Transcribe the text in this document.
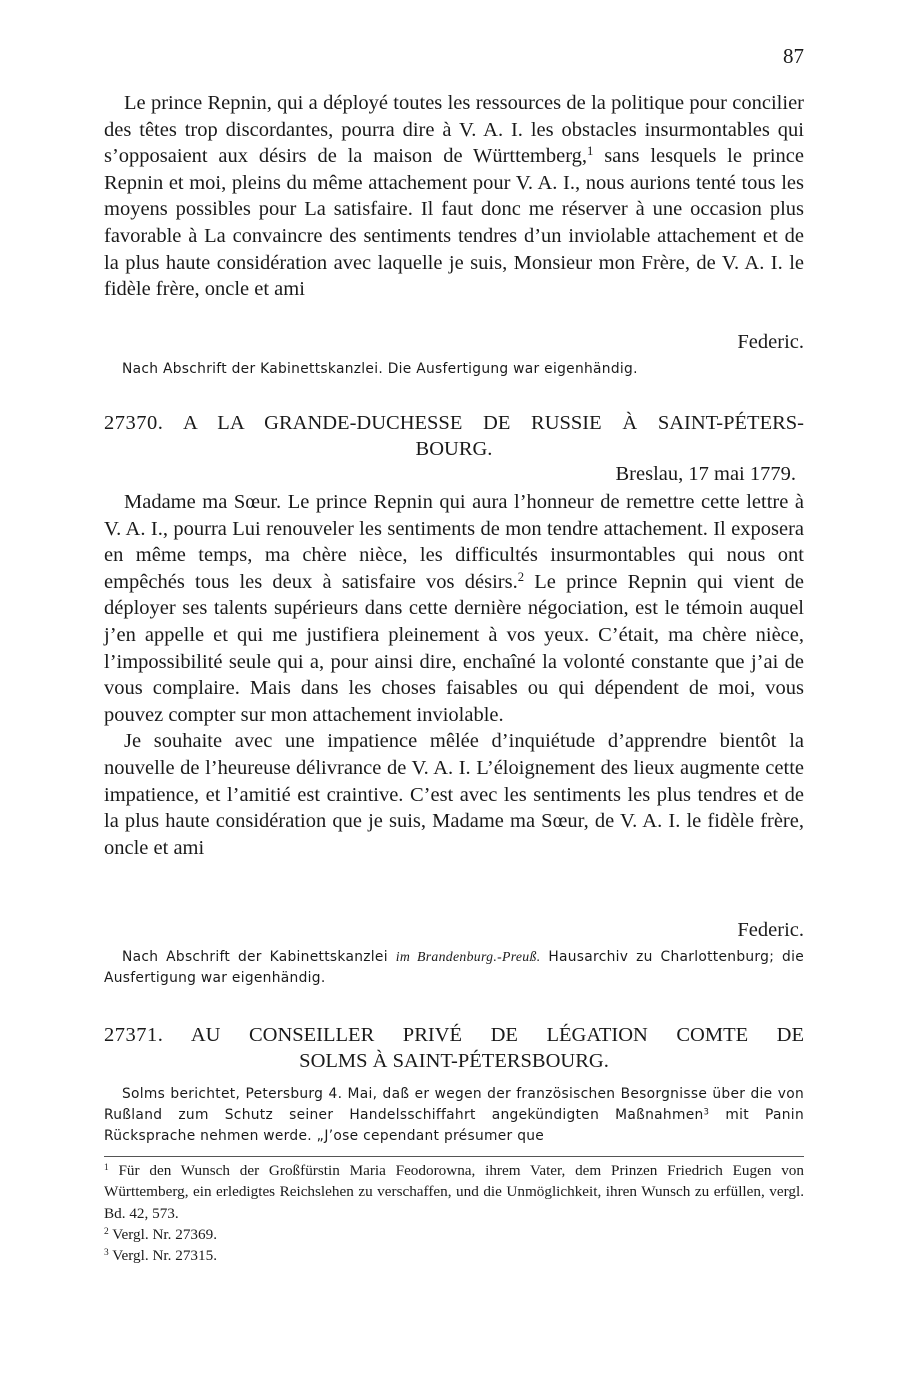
87

Le prince Repnin, qui a déployé toutes les ressources de la politique pour concilier des têtes trop discordantes, pourra dire à V. A. I. les obstacles insurmontables qui s’opposaient aux désirs de la maison de Württemberg,$^1$ sans lesquels le prince Repnin et moi, pleins du même attachement pour V. A. I., nous aurions tenté tous les moyens possibles pour La satisfaire. Il faut donc me réserver à une occasion plus favorable à La convaincre des sentiments tendres d’un inviolable attachement et de la plus haute considération avec laquelle je suis, Monsieur mon Frère, de V. A. I. le fidèle frère, oncle et ami

Federic.
Nach Abschrift der Kabinettskanzlei. Die Ausfertigung war eigenhändig.
27370. A LA GRANDE-DUCHESSE DE RUSSIE À SAINT-PÉTERS-
BOURG.
Breslau, 17 mai 1779.

Madame ma Sœur. Le prince Repnin qui aura l’honneur de remettre cette lettre à V. A. I., pourra Lui renouveler les sentiments de mon tendre attachement. Il exposera en même temps, ma chère nièce, les difficultés insurmontables qui nous ont empêchés tous les deux à satisfaire vos désirs.$^2$ Le prince Repnin qui vient de déployer ses talents supérieurs dans cette dernière négociation, est le témoin auquel j’en appelle et qui me justifiera pleinement à vos yeux. C’était, ma chère nièce, l’impossibilité seule qui a, pour ainsi dire, enchaîné la volonté constante que j’ai de vous complaire. Mais dans les choses faisables ou qui dépendent de moi, vous pouvez compter sur mon attachement inviolable.

Je souhaite avec une impatience mêlée d’inquiétude d’apprendre bientôt la nouvelle de l’heureuse délivrance de V. A. I. L’éloignement des lieux augmente cette impatience, et l’amitié est craintive. C’est avec les sentiments les plus tendres et de la plus haute considération que je suis, Madame ma Sœur, de V. A. I. le fidèle frère, oncle et ami

Federic.
Nach Abschrift der Kabinettskanzlei im Brandenburg.-Preuß. Hausarchiv zu Charlottenburg; die Ausfertigung war eigenhändig.
27371. AU CONSEILLER PRIVÉ DE LÉGATION COMTE DE
SOLMS À SAINT-PÉTERSBOURG.
Solms berichtet, Petersburg 4. Mai, daß er wegen der französischen Besorgnisse über die von Rußland zum Schutz seiner Handelsschiffahrt angekündigten Maßnahmen$^3$ mit Panin Rücksprache nehmen werde. „J’ose cependant présumer que

$^1$ Für den Wunsch der Großfürstin Maria Feodorowna, ihrem Vater, dem Prinzen Friedrich Eugen von Württemberg, ein erledigtes Reichslehen zu verschaffen, und die Unmöglichkeit, ihren Wunsch zu erfüllen, vergl. Bd. 42, 573.

$^2$ Vergl. Nr. 27369.

$^3$ Vergl. Nr. 27315.
